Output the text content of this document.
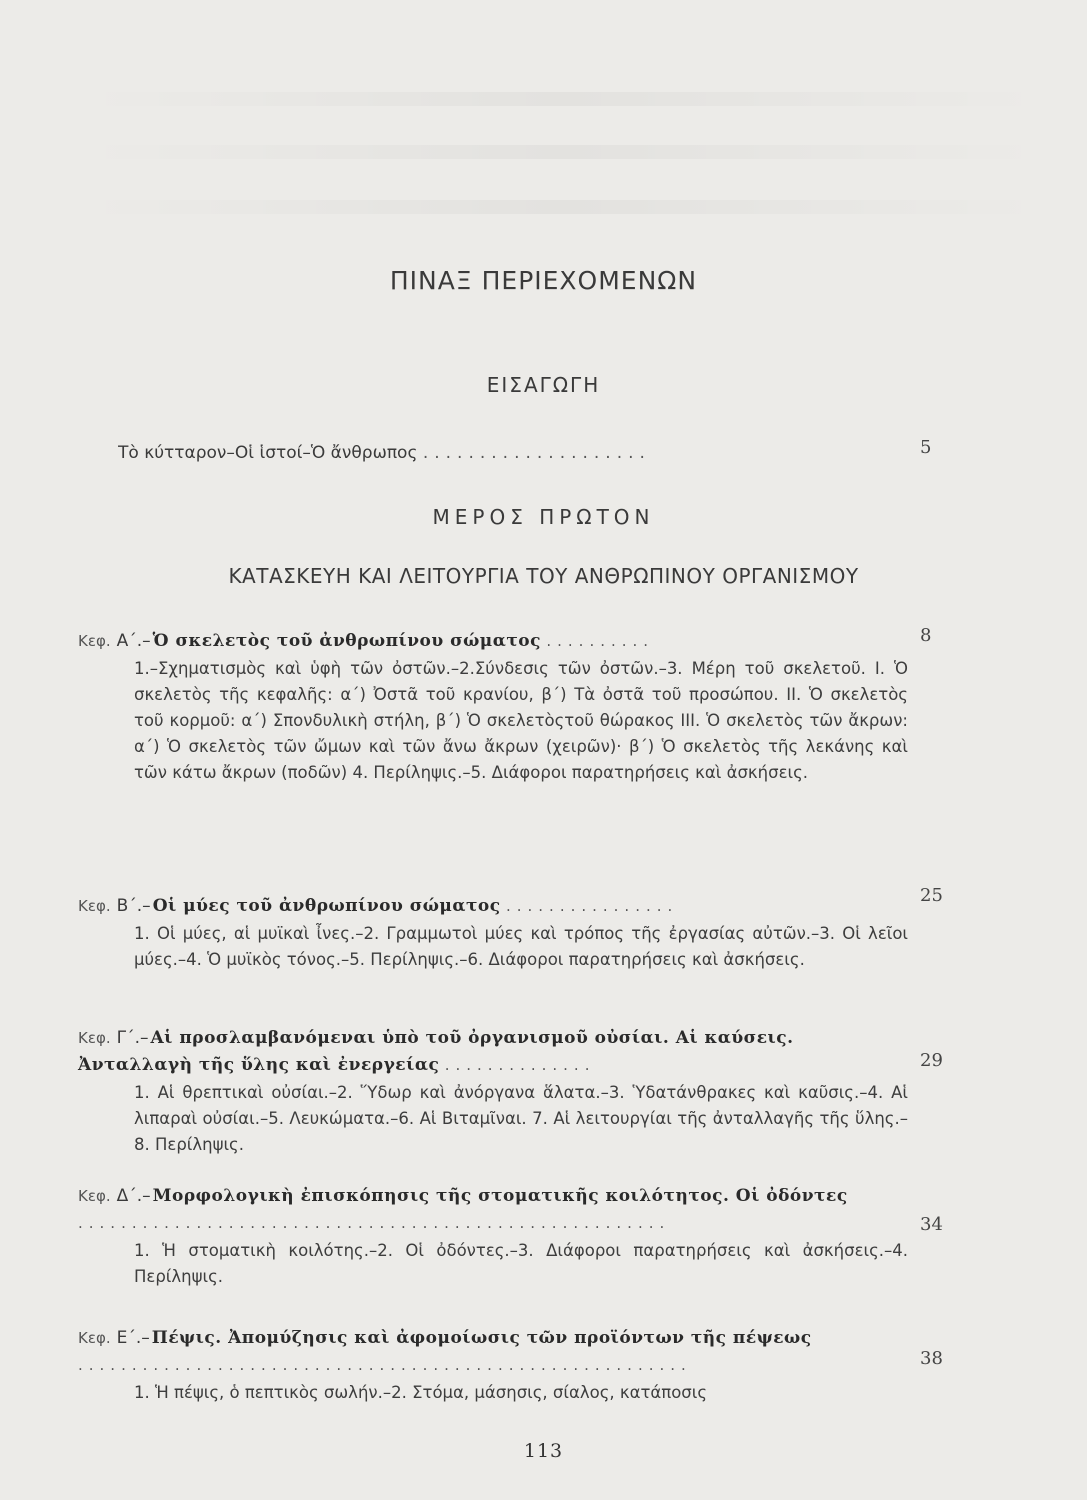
ΠΙΝΑΞ ΠΕΡΙΕΧΟΜΕΝΩΝ
ΕΙΣΑΓΩΓΗ
Τὸ κύτταρον–Οἱ ἱστοί–Ὁ ἄνθρωπος ....................	5
ΜΕΡΟΣ ΠΡΩΤΟΝ
ΚΑΤΑΣΚΕΥΗ ΚΑΙ ΛΕΙΤΟΥΡΓΙΑ ΤΟΥ ΑΝΘΡΩΠΙΝΟΥ ΟΡΓΑΝΙΣΜΟΥ
Κεφ. Α΄.– Ὁ σκελετὸς τοῦ ἀνθρωπίνου σώματος ..........
1.–Σχηματισμὸς καὶ ὑφὴ τῶν ὀστῶν.–2.Σύνδεσις τῶν ὀστῶν.–3. Μέρη τοῦ σκελετοῦ. I. Ὁ σκελετὸς τῆς κεφαλῆς: α΄) Ὀστᾶ τοῦ κρανίου, β΄) Τὰ ὀστᾶ τοῦ προσώπου. II. Ὁ σκελετὸς τοῦ κορμοῦ: α΄) Σπονδυλικὴ στήλη, β΄) Ὁ σκελετὸςτοῦ θώρακος III. Ὁ σκελετὸς τῶν ἄκρων: α΄) Ὁ σκελετὸς τῶν ὤμων καὶ τῶν ἄνω ἄκρων (χειρῶν)· β΄) Ὁ σκελετὸς τῆς λεκάνης καὶ τῶν κάτω ἄκρων (ποδῶν) 4. Περίληψις.–5. Διάφοροι παρατηρήσεις καὶ ἀσκήσεις.
8
Κεφ. Β΄.– Οἱ μύες τοῦ ἀνθρωπίνου σώματος ................
1. Οἱ μύες, αἱ μυϊκαὶ ἶνες.–2. Γραμμωτοὶ μύες καὶ τρόπος τῆς ἐργασίας αὐτῶν.–3. Οἱ λεῖοι μύες.–4. Ὁ μυϊκὸς τόνος.–5. Περίληψις.–6. Διάφοροι παρατηρήσεις καὶ ἀσκήσεις.
25
Κεφ. Γ΄.– Αἱ προσλαμβανόμεναι ὑπὸ τοῦ ὀργανισμοῦ οὐσίαι. Αἱ καύσεις. Ἀνταλλαγὴ τῆς ὕλης καὶ ἐνεργείας ..............
1. Αἱ θρεπτικαὶ οὐσίαι.–2. Ὕδωρ καὶ ἀνόργανα ἅλατα.–3. Ὑδατάνθρακες καὶ καῦσις.–4. Αἱ λιπαραὶ οὐσίαι.–5. Λευκώματα.–6. Αἱ Βιταμῖναι. 7. Αἱ λειτουργίαι τῆς ἀνταλλαγῆς τῆς ὕλης.–8. Περίληψις.
29
Κεφ. Δ΄.– Μορφολογικὴ ἐπισκόπησις τῆς στοματικῆς κοιλότητος. Οἱ ὀδόντες .......................................................
1. Ἡ στοματικὴ κοιλότης.–2. Οἱ ὀδόντες.–3. Διάφοροι παρατηρήσεις καὶ ἀσκήσεις.–4. Περίληψις.
34
Κεφ. Ε΄.– Πέψις. Ἀπομύζησις καὶ ἀφομοίωσις τῶν προϊόντων τῆς πέψεως .........................................................
1. Ἡ πέψις, ὁ πεπτικὸς σωλήν.–2. Στόμα, μάσησις, σίαλος, κατάποσις
38
113
